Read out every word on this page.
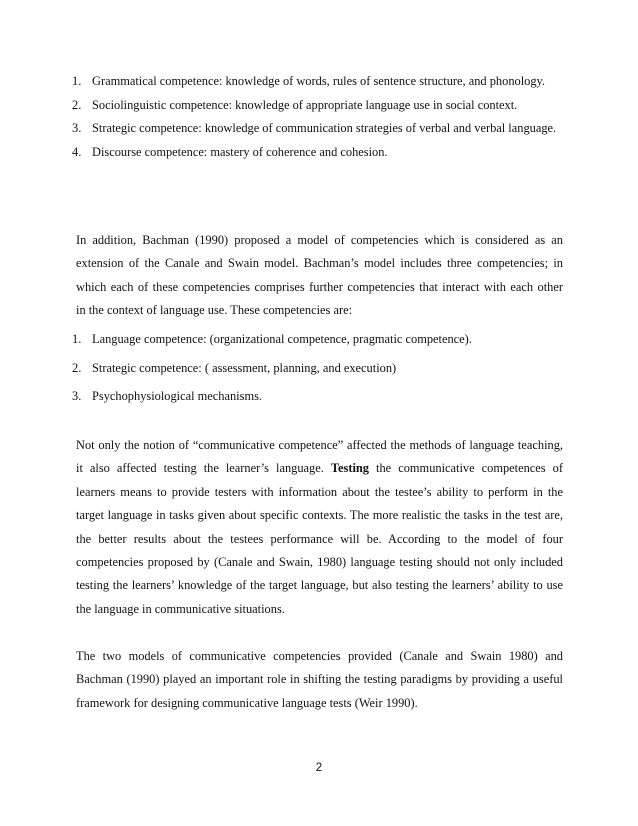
1. Grammatical competence: knowledge of words, rules of sentence structure, and phonology.
2. Sociolinguistic competence: knowledge of appropriate language use in social context.
3. Strategic competence: knowledge of communication strategies of verbal and verbal language.
4. Discourse competence: mastery of coherence and cohesion.

In addition, Bachman (1990) proposed a model of competencies which is considered as an
extension of the Canale and Swain model. Bachman’s model includes three competencies; in
which each of these competencies comprises further competencies that interact with each other
in the context of language use. These competencies are:

1. Language competence: (organizational competence, pragmatic competence).
2. Strategic competence: ( assessment, planning, and execution)
3. Psychophysiological mechanisms.

Not only the notion of “communicative competence” affected the methods of language teaching,
it also affected testing the learner’s language. Testing the communicative competences of
learners means to provide testers with information about the testee’s ability to perform in the
target language in tasks given about specific contexts. The more realistic the tasks in the test are,
the better results about the testees performance will be. According to the model of four
competencies proposed by (Canale and Swain, 1980) language testing should not only included
testing the learners’ knowledge of the target language, but also testing the learners’ ability to use
the language in communicative situations.

The two models of communicative competencies provided (Canale and Swain 1980) and
Bachman (1990) played an important role in shifting the testing paradigms by providing a useful
framework for designing communicative language tests (Weir 1990).

2
